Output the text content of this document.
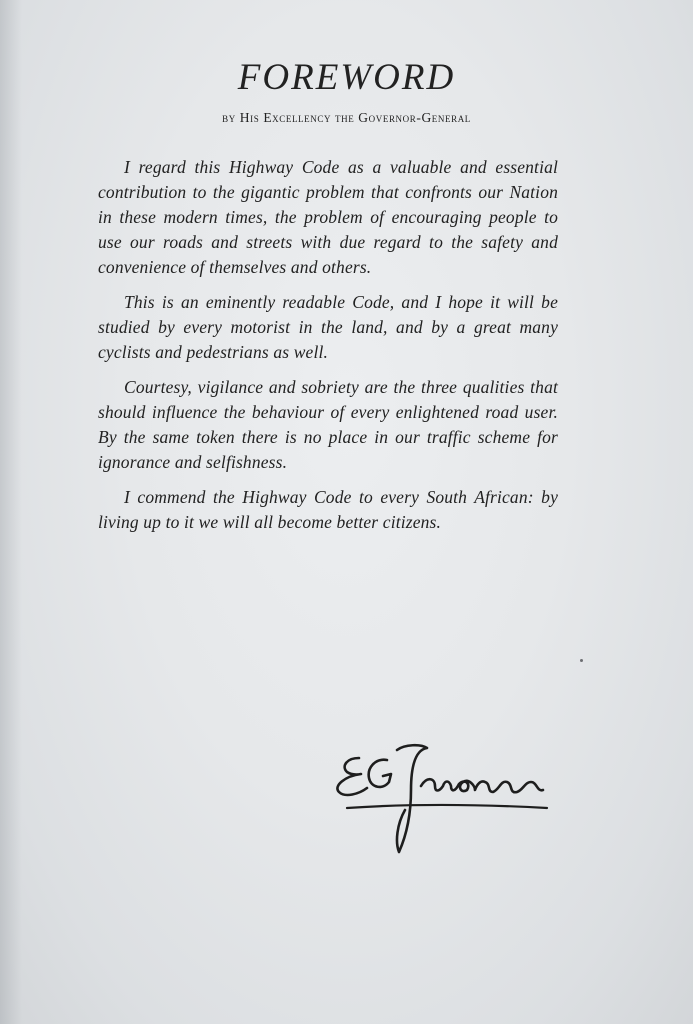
FOREWORD
by His Excellency the Governor-General

I regard this Highway Code as a valuable and essential contribution to the gigantic problem that confronts our Nation in these modern times, the problem of encouraging people to use our roads and streets with due regard to the safety and convenience of themselves and others.

This is an eminently readable Code, and I hope it will be studied by every motorist in the land, and by a great many cyclists and pedestrians as well.

Courtesy, vigilance and sobriety are the three qualities that should influence the behaviour of every enlightened road user. By the same token there is no place in our traffic scheme for ignorance and selfishness.

I commend the Highway Code to every South African: by living up to it we will all become better citizens.
